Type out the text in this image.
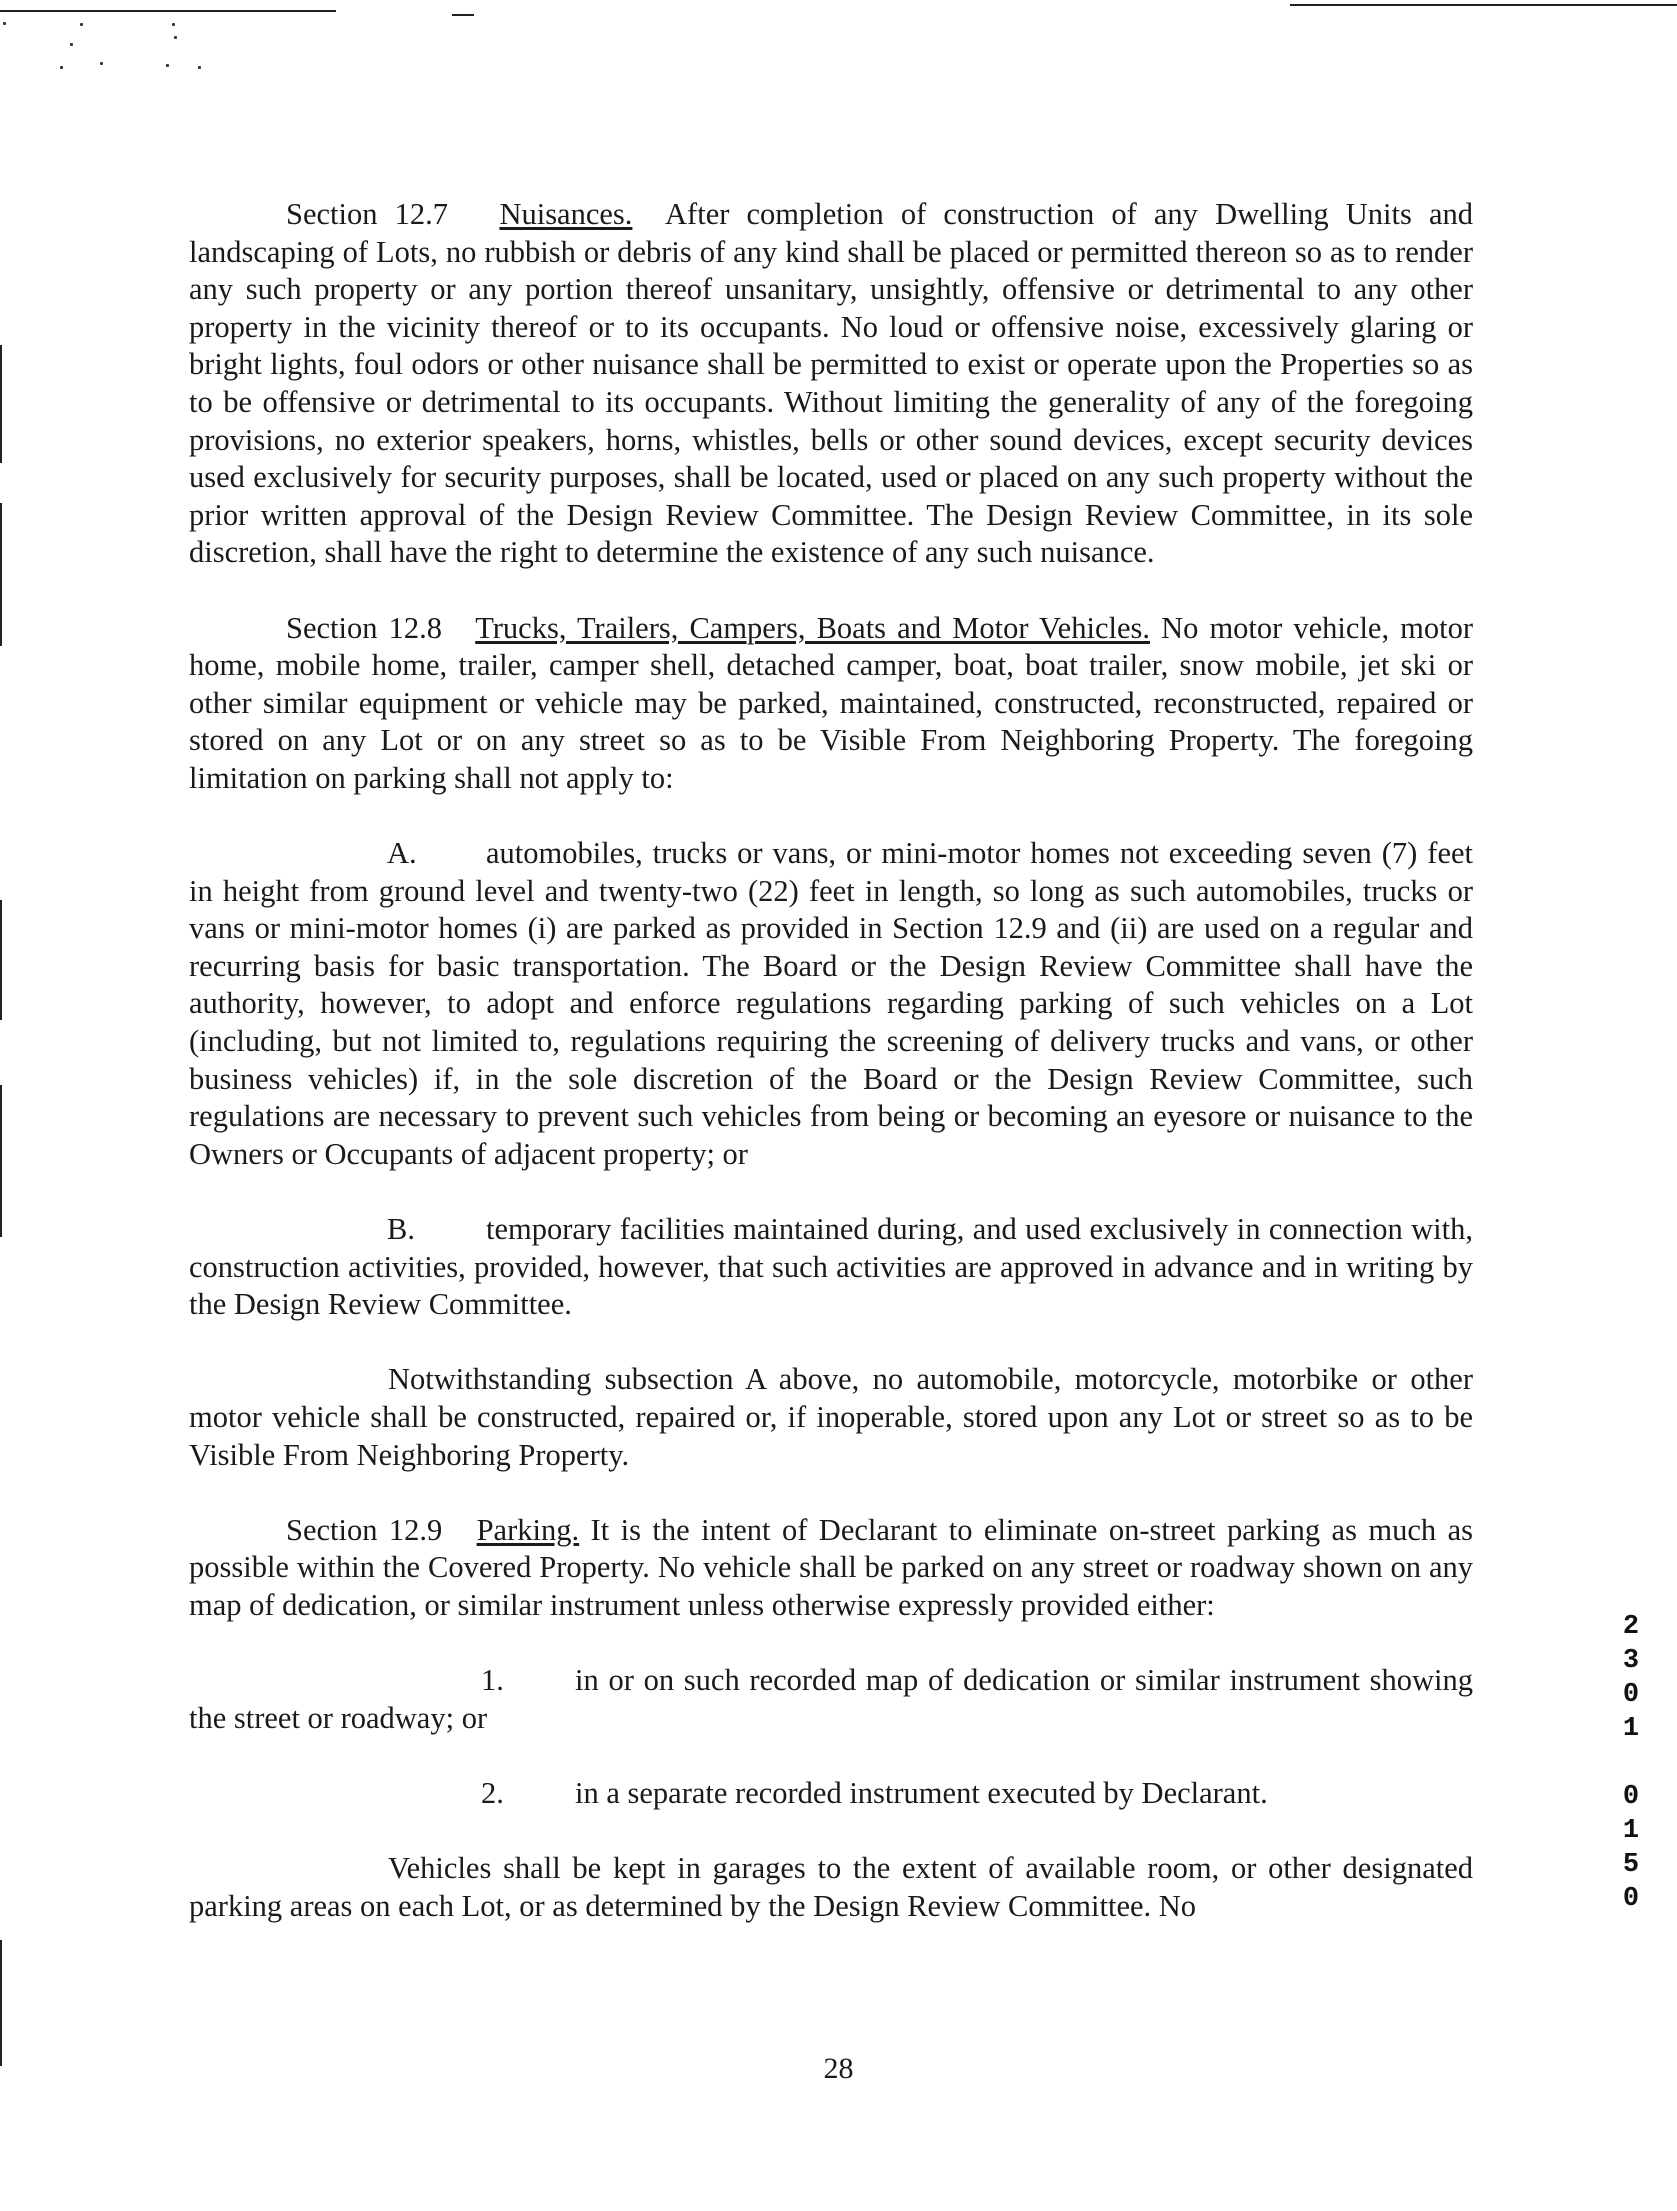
Section 12.7 Nuisances. After completion of construction of any Dwelling Units and landscaping of Lots, no rubbish or debris of any kind shall be placed or permitted thereon so as to render any such property or any portion thereof unsanitary, unsightly, offensive or detrimental to any other property in the vicinity thereof or to its occupants. No loud or offensive noise, excessively glaring or bright lights, foul odors or other nuisance shall be permitted to exist or operate upon the Properties so as to be offensive or detrimental to its occupants. Without limiting the generality of any of the foregoing provisions, no exterior speakers, horns, whistles, bells or other sound devices, except security devices used exclusively for security purposes, shall be located, used or placed on any such property without the prior written approval of the Design Review Committee. The Design Review Committee, in its sole discretion, shall have the right to determine the existence of any such nuisance.

Section 12.8 Trucks, Trailers, Campers, Boats and Motor Vehicles. No motor vehicle, motor home, mobile home, trailer, camper shell, detached camper, boat, boat trailer, snow mobile, jet ski or other similar equipment or vehicle may be parked, maintained, constructed, reconstructed, repaired or stored on any Lot or on any street so as to be Visible From Neighboring Property. The foregoing limitation on parking shall not apply to:

A. automobiles, trucks or vans, or mini-motor homes not exceeding seven (7) feet in height from ground level and twenty-two (22) feet in length, so long as such automobiles, trucks or vans or mini-motor homes (i) are parked as provided in Section 12.9 and (ii) are used on a regular and recurring basis for basic transportation. The Board or the Design Review Committee shall have the authority, however, to adopt and enforce regulations regarding parking of such vehicles on a Lot (including, but not limited to, regulations requiring the screening of delivery trucks and vans, or other business vehicles) if, in the sole discretion of the Board or the Design Review Committee, such regulations are necessary to prevent such vehicles from being or becoming an eyesore or nuisance to the Owners or Occupants of adjacent property; or

B. temporary facilities maintained during, and used exclusively in connection with, construction activities, provided, however, that such activities are approved in advance and in writing by the Design Review Committee.

Notwithstanding subsection A above, no automobile, motorcycle, motorbike or other motor vehicle shall be constructed, repaired or, if inoperable, stored upon any Lot or street so as to be Visible From Neighboring Property.

Section 12.9 Parking. It is the intent of Declarant to eliminate on-street parking as much as possible within the Covered Property. No vehicle shall be parked on any street or roadway shown on any map of dedication, or similar instrument unless otherwise expressly provided either:

1. in or on such recorded map of dedication or similar instrument showing the street or roadway; or

2. in a separate recorded instrument executed by Declarant.

Vehicles shall be kept in garages to the extent of available room, or other designated parking areas on each Lot, or as determined by the Design Review Committee. No

28
2
3
0
1
0
1
5
0
